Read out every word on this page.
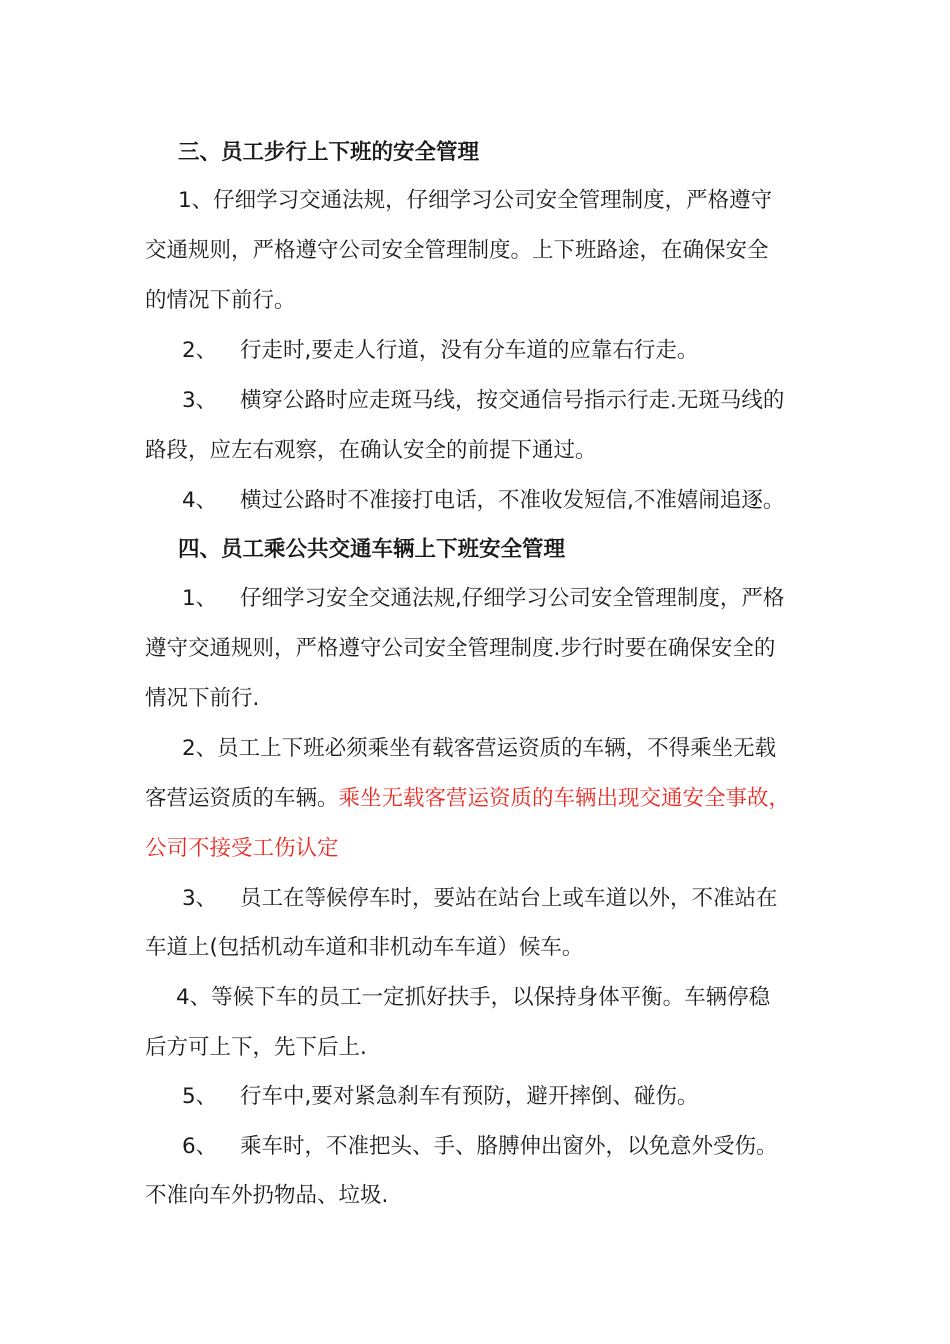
三、员工步行上下班的安全管理
1、仔细学习交通法规，仔细学习公司安全管理制度，严格遵守
交通规则，严格遵守公司安全管理制度。上下班路途，在确保安全
的情况下前行。
2、 行走时,要走人行道，没有分车道的应靠右行走。
3、 横穿公路时应走斑马线，按交通信号指示行走.无斑马线的
路段，应左右观察，在确认安全的前提下通过。
4、 横过公路时不准接打电话，不准收发短信,不准嬉闹追逐。
四、员工乘公共交通车辆上下班安全管理
1、 仔细学习安全交通法规,仔细学习公司安全管理制度，严格
遵守交通规则，严格遵守公司安全管理制度.步行时要在确保安全的
情况下前行.
2、员工上下班必须乘坐有载客营运资质的车辆，不得乘坐无载
客营运资质的车辆。乘坐无载客营运资质的车辆出现交通安全事故，
公司不接受工伤认定
3、 员工在等候停车时，要站在站台上或车道以外，不准站在
车道上(包括机动车道和非机动车车道）候车。
4、等候下车的员工一定抓好扶手，以保持身体平衡。车辆停稳
后方可上下，先下后上.
5、 行车中,要对紧急刹车有预防，避开摔倒、碰伤。
6、 乘车时，不准把头、手、胳膊伸出窗外，以免意外受伤。
不准向车外扔物品、垃圾.
